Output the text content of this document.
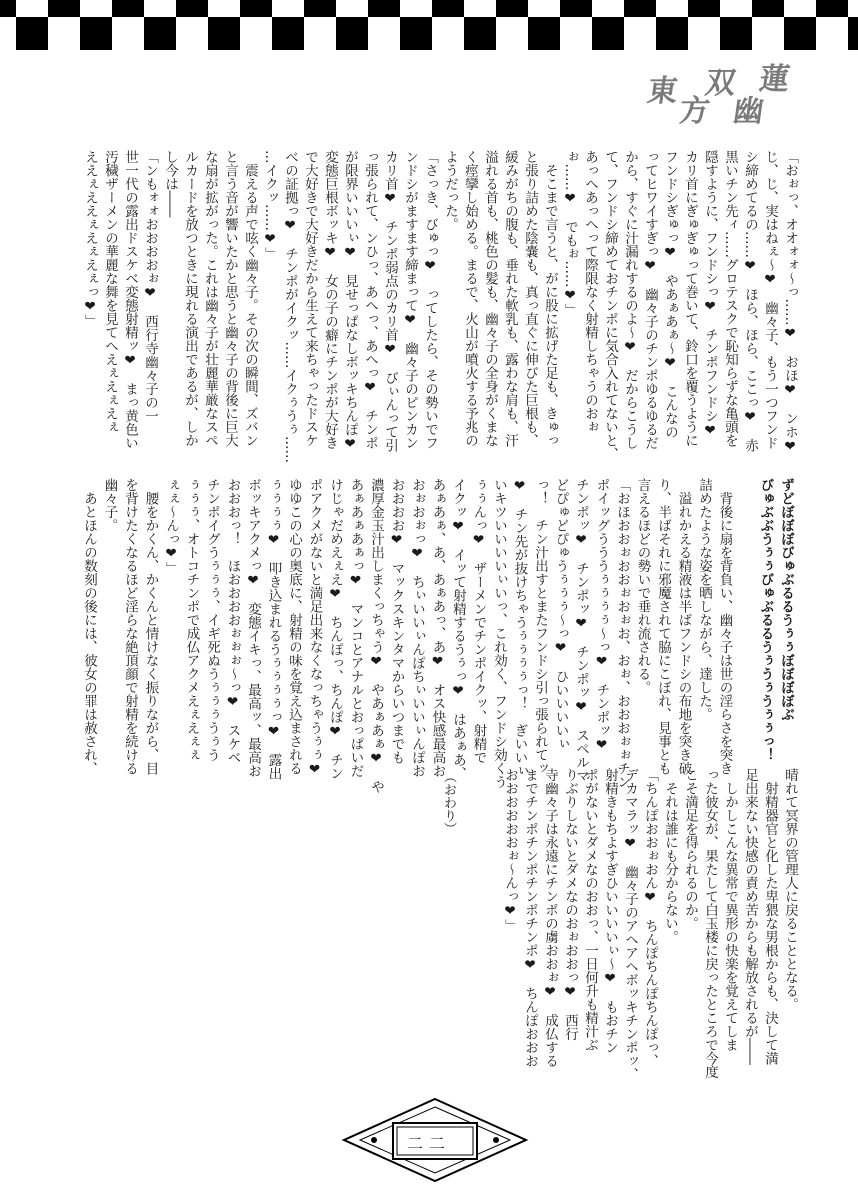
東
方
双
幽
蓮
「おぉっ、オオォォ～っ……❤　おほ❤　ンホ❤
じ、じ、実はねぇ～❤　幽々子、もう一つフンド
シ締めてるの……❤　ほら、ほら、ここっ❤　赤
黒いチン先ィ……グロテスクで恥知らずな亀頭を
隠すように、フンドシっ❤　チンポフンドシ❤
カリ首にぎゅぎゅって巻いて、鈴口を覆うように
フンドシぎゅっ❤　やあぁあぁ～❤　こんなの
ってヒワイすぎっ❤　幽々子のチンポゆるゆるだ
から、すぐに汁漏れするのよ～❤　だからこうし
て、フンドシ締めておチンポに気合入れてないと、
あっへあっへって際限なく射精しちゃうのおぉ
ぉ……❤　でもぉ……❤」
　そこまで言うと、がに股に拡げた足も、きゅっ
と張り詰めた陰嚢も、真っ直ぐに伸びた巨根も、
緩みがちの腹も、垂れた軟乳も、露わな肩も、汗
溢れる首も、桃色の髪も、幽々子の全身がくまな
く痙攣し始める。まるで、火山が噴火する予兆の
ようだった。
「さっき、びゅっ❤　ってしたら、その勢いでフ
ンドシがますます締まって❤　幽々子のピンカン
カリ首❤　チンポ弱点のカリ首❤　びぃんって引
っ張られて、ンひっ、あへっ、あへっ❤　チンポ
が限界いいいぃ❤　見せっぱなしボッキちんぽ❤
変態巨根ボッキ❤　女の子の癖にチンポが大好き
で大好きで大好きだから生えて来ちゃったドスケ
べの証拠っ❤　チンポがイクッ……イクぅうぅ……
…イクッ……❤」
　震える声で呟く幽々子。その次の瞬間、ズバン
と言う音が響いたかと思うと幽々子の背後に巨大
な扇が拡がった。これは幽々子が壮麗華厳なスペ
ルカードを放つときに現れる演出であるが、しか
し今は――
「ンもォォおおおおぉ❤　西行寺幽々子の一
世一代の露出ドスケベ変態射精ッ❤　まっ黄色い
汚穢ザーメンの華麗な舞を見てへえぇえぇえぇ
ええぇええぇえぇえぇっ❤」
ずどぼぼぼびゅぶるるうぅぅぼぼぼぼぶ
びゅぶぶうぅぅびゅぶるるうぅうぅうぅぅっ！

　背後に扇を背負い、幽々子は世の淫らさを突き
詰めたような姿を晒しながら、達した。
　溢れかえる精液は半ばフンドシの布地を突き破
り、半ばそれに邪魔されて脇にこぼれ、見事とも
言えるほどの勢いで垂れ流される。
「おほおおぉおおぉおぉお、おぉ、おおおぉぉチン
ポイッグうううぅぅぅぅ～っ❤　チンポッ❤
チンポッ❤　チンポッ❤　チンポッ❤　スペルマ
どぴゅどぴゅうぅぅぅ～っ❤　ひいいいいぃ
っ！　チン汁出すとまたフンドシ引っ張られてッ
❤　チン先が抜けちゃうぅぅぅぅっ！　ぎいいぃ
いキツいいいいぃいっ、これ効く、フンドシ効くう
ぅぅんっ❤　ザーメンでチンポイクッ、射精で
イクッ❤　イッて射精するうぅっ❤　はあぁあ、
あぁあぁ、あ、あぁあっ、あ❤　オス快感最高お
おぉおぉっ❤　ちぃいいぃんぽちぃいいぃんぽお
おおおお❤　マックスキンタマからいつまでも
濃厚金玉汁出しまくっちゃう❤　やあぁあぁ❤　や
あぁあぁあぁっ❤　マンコとアナルとおっぱいだ
けじゃだめえぇえ❤　ちんぽっ、ちんぽ❤　チン
ポアクメがないと満足出来なくなっちゃうぅぅ❤
ゆゆこの心の奥底に、射精の味を覚え込まされる
ぅぅぅぅ❤　叩き込まれるうぅぅぅぅっ❤　露出
ボッキアクメっ❤　変態イキっ、最高ッ、最高お
おおおっ！　ほおおおおぉぉぉ～っ❤　スケベ
チンポイグうぅぅぅ、イギ死ぬうぅぅぅうぅう
ぅぅぅ、オトコチンポで成仏アクメえぇえぇぇ
ぇぇ～んっ❤」
　腰をかくん、かくんと情けなく振りながら、目
を背けたくなるほど淫らな絶頂顔で射精を続ける
幽々子。
　あとほんの数刻の後には、彼女の罪は赦され、
晴れて冥界の管理人に戻ることとなる。
　射精器官と化した卑猥な男根からも、決して満
足出来ない快感の責め苦からも解放されるが――
　しかしこんな異常で異形の快楽を覚えてしま
った彼女が、果たして白玉楼に戻ったところで今度
こそ満足を得られるのか。
　それは誰にも分からない。
「ちんぽおおぉおん❤　ちんぽちんぽちんぽっ、
デカマラッ❤　幽々子のアヘアヘボッキチンポッ、
射精きもちよすぎひいいいいぃ～❤　もおチン
ポがないとダメなのおおっ、一日何升も精汁ぶ
りぶりしないとダメなのおぉおおっ❤　西行
寺幽々子は永遠にチンポの虜おおぉ❤　成仏する
までチンポチンポチンポチンポ❤　ちんぽおおお
おおおおおおぉ～んっ❤」
（おわり）
二二
